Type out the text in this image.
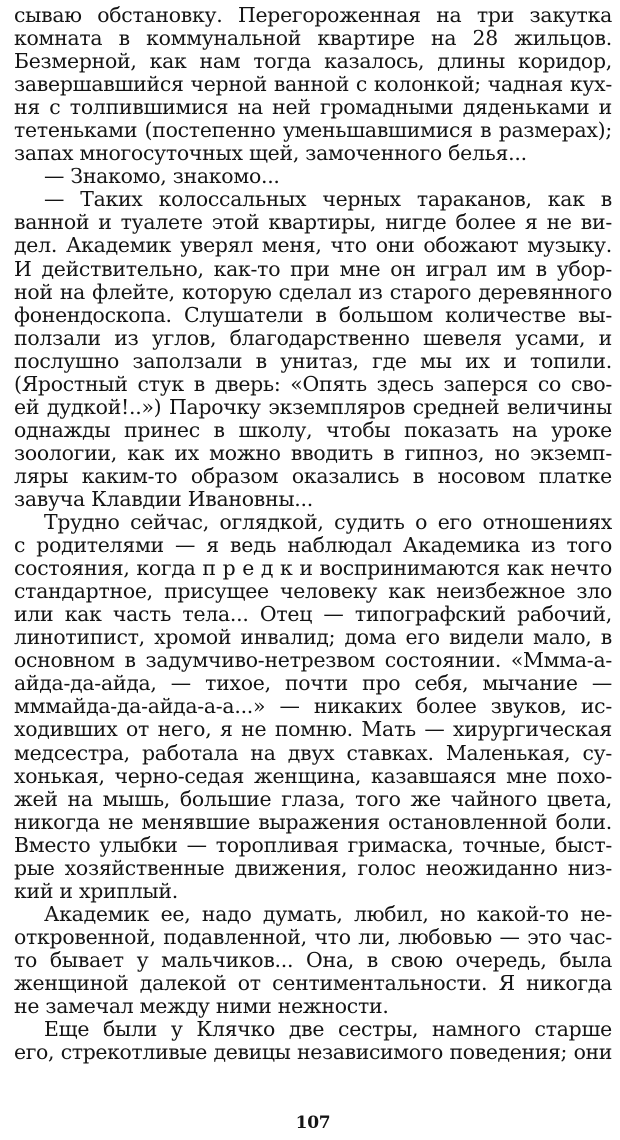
сываю обстановку. Перегороженная на три закутка
комната в коммунальной квартире на 28 жильцов.
Безмерной, как нам тогда казалось, длины коридор,
завершавшийся черной ванной с колонкой; чадная кух-
ня с толпившимися на ней громадными дяденьками и
тетеньками (постепенно уменьшавшимися в размерах);
запах многосуточных щей, замоченного белья...
— Знакомо, знакомо...
— Таких колоссальных черных тараканов, как в
ванной и туалете этой квартиры, нигде более я не ви-
дел. Академик уверял меня, что они обожают музыку.
И действительно, как-то при мне он играл им в убор-
ной на флейте, которую сделал из старого деревянного
фонендоскопа. Слушатели в большом количестве вы-
ползали из углов, благодарственно шевеля усами, и
послушно заползали в унитаз, где мы их и топили.
(Яростный стук в дверь: «Опять здесь заперся со сво-
ей дудкой!..») Парочку экземпляров средней величины
однажды принес в школу, чтобы показать на уроке
зоологии, как их можно вводить в гипноз, но экземп-
ляры каким-то образом оказались в носовом платке
завуча Клавдии Ивановны...
Трудно сейчас, оглядкой, судить о его отношениях
с родителями — я ведь наблюдал Академика из того
состояния, когда п р е д к и воспринимаются как нечто
стандартное, присущее человеку как неизбежное зло
или как часть тела... Отец — типографский рабочий,
линотипист, хромой инвалид; дома его видели мало, в
основном в задумчиво-нетрезвом состоянии. «Ммма-а-
айда-да-айда, — тихое, почти про себя, мычание —
мммайда-да-айда-а-а...» — никаких более звуков, ис-
ходивших от него, я не помню. Мать — хирургическая
медсестра, работала на двух ставках. Маленькая, су-
хонькая, черно-седая женщина, казавшаяся мне похо-
жей на мышь, большие глаза, того же чайного цвета,
никогда не менявшие выражения остановленной боли.
Вместо улыбки — торопливая гримаска, точные, быст-
рые хозяйственные движения, голос неожиданно низ-
кий и хриплый.
Академик ее, надо думать, любил, но какой-то не-
откровенной, подавленной, что ли, любовью — это час-
то бывает у мальчиков... Она, в свою очередь, была
женщиной далекой от сентиментальности. Я никогда
не замечал между ними нежности.
Еще были у Клячко две сестры, намного старше
его, стрекотливые девицы независимого поведения; они
107
